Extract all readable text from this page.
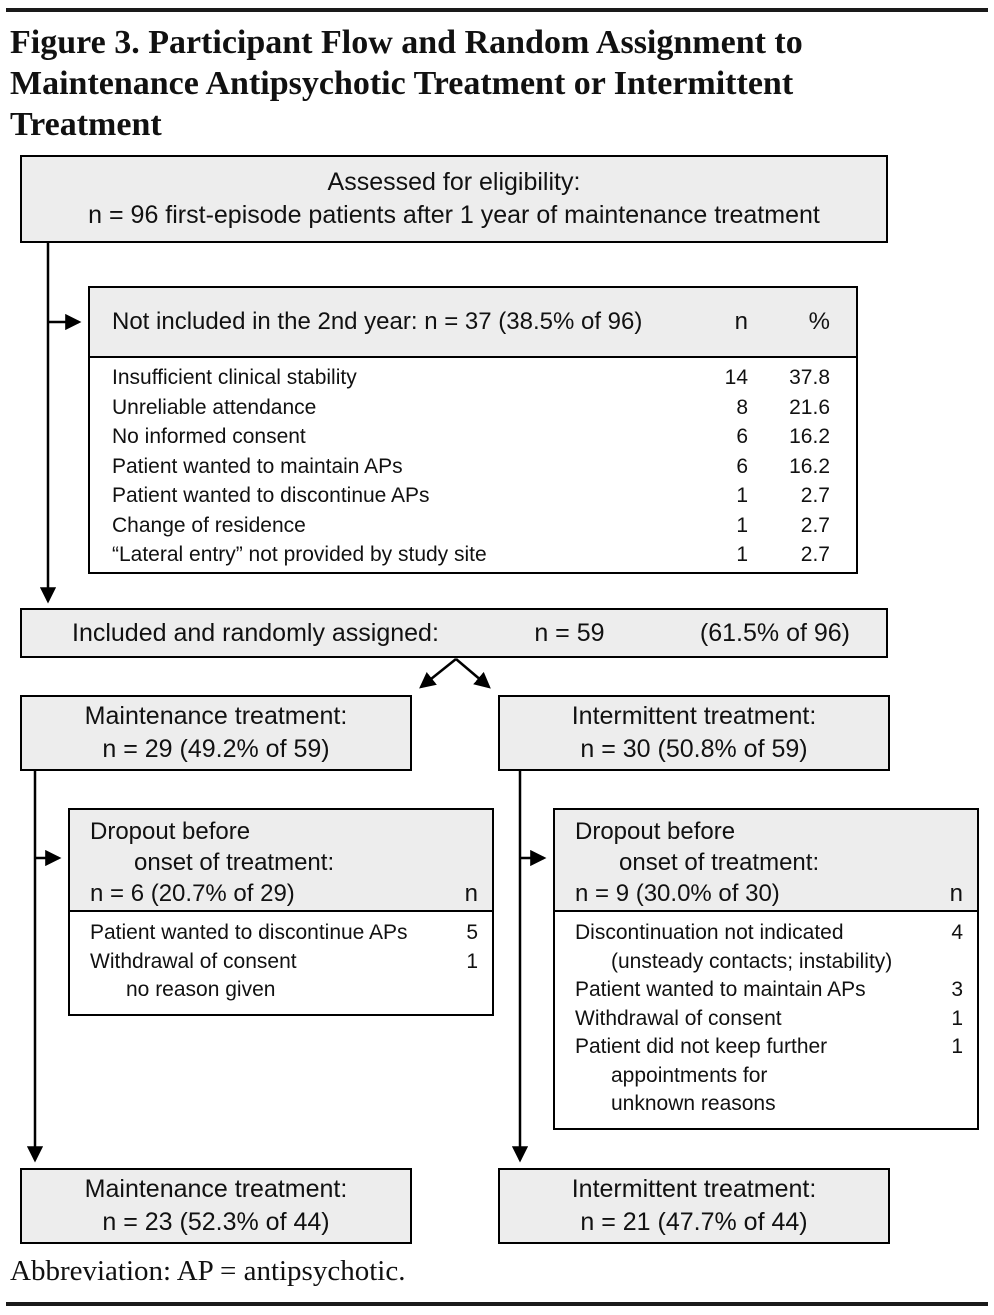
Figure 3. Participant Flow and Random Assignment to
Maintenance Antipsychotic Treatment or Intermittent
Treatment
Assessed for eligibility:
n = 96 first-episode patients after 1 year of maintenance treatment
Not included in the 2nd year: n = 37 (38.5% of 96)	n	%
Insufficient clinical stability	14	37.8
Unreliable attendance	8	21.6
No informed consent	6	16.2
Patient wanted to maintain APs	6	16.2
Patient wanted to discontinue APs	1	2.7
Change of residence	1	2.7
“Lateral entry” not provided by study site	1	2.7
Included and randomly assigned:	n = 59	(61.5% of 96)
Maintenance treatment:
n = 29 (49.2% of 59)
Intermittent treatment:
n = 30 (50.8% of 59)
Dropout before
onset of treatment:
n = 6 (20.7% of 29)	n
Patient wanted to discontinue APs	5
Withdrawal of consent	1
no reason given
Dropout before
onset of treatment:
n = 9 (30.0% of 30)	n
Discontinuation not indicated	4
(unsteady contacts; instability)
Patient wanted to maintain APs	3
Withdrawal of consent	1
Patient did not keep further	1
appointments for
unknown reasons
Maintenance treatment:
n = 23 (52.3% of 44)
Intermittent treatment:
n = 21 (47.7% of 44)
Abbreviation: AP = antipsychotic.
